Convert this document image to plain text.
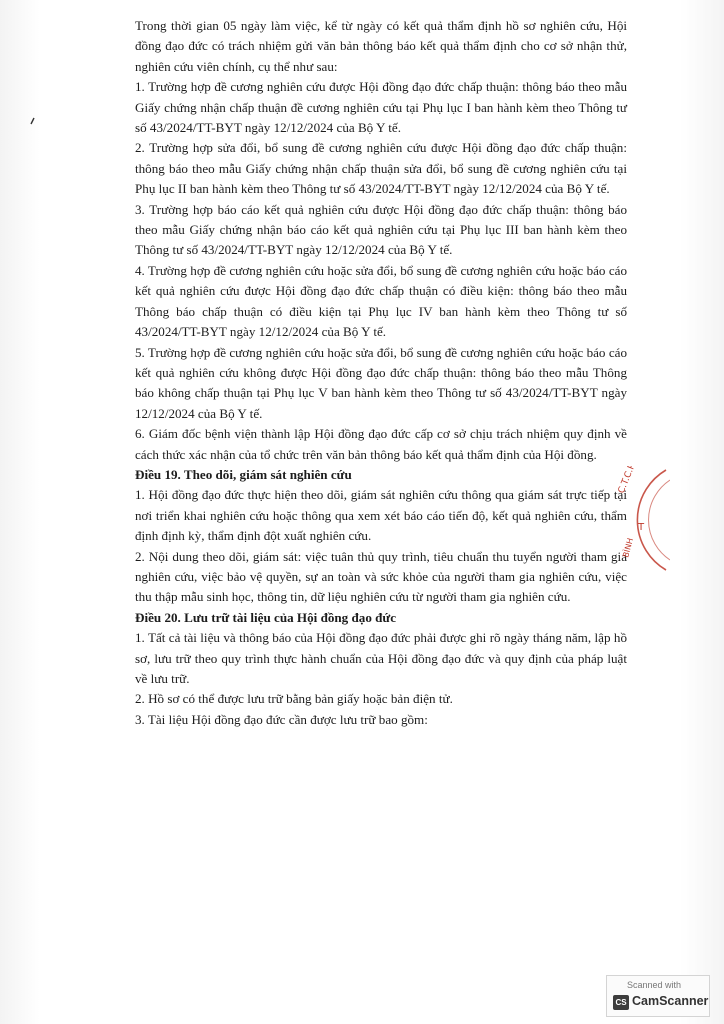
Trong thời gian 05 ngày làm việc, kể từ ngày có kết quả thẩm định hồ sơ nghiên cứu, Hội đồng đạo đức có trách nhiệm gửi văn bản thông báo kết quả thẩm định cho cơ sở nhận thử, nghiên cứu viên chính, cụ thể như sau:

1. Trường hợp đề cương nghiên cứu được Hội đồng đạo đức chấp thuận: thông báo theo mẫu Giấy chứng nhận chấp thuận đề cương nghiên cứu tại Phụ lục I ban hành kèm theo Thông tư số 43/2024/TT-BYT ngày 12/12/2024 của Bộ Y tế.

2. Trường hợp sửa đổi, bổ sung đề cương nghiên cứu được Hội đồng đạo đức chấp thuận: thông báo theo mẫu Giấy chứng nhận chấp thuận sửa đổi, bổ sung đề cương nghiên cứu tại Phụ lục II ban hành kèm theo Thông tư số 43/2024/TT-BYT ngày 12/12/2024 của Bộ Y tế.

3. Trường hợp báo cáo kết quả nghiên cứu được Hội đồng đạo đức chấp thuận: thông báo theo mẫu Giấy chứng nhận báo cáo kết quả nghiên cứu tại Phụ lục III ban hành kèm theo Thông tư số 43/2024/TT-BYT ngày 12/12/2024 của Bộ Y tế.

4. Trường hợp đề cương nghiên cứu hoặc sửa đổi, bổ sung đề cương nghiên cứu hoặc báo cáo kết quả nghiên cứu được Hội đồng đạo đức chấp thuận có điều kiện: thông báo theo mẫu Thông báo chấp thuận có điều kiện tại Phụ lục IV ban hành kèm theo Thông tư số 43/2024/TT-BYT ngày 12/12/2024 của Bộ Y tế.

5. Trường hợp đề cương nghiên cứu hoặc sửa đổi, bổ sung đề cương nghiên cứu hoặc báo cáo kết quả nghiên cứu không được Hội đồng đạo đức chấp thuận: thông báo theo mẫu Thông báo không chấp thuận tại Phụ lục V ban hành kèm theo Thông tư số 43/2024/TT-BYT ngày 12/12/2024 của Bộ Y tế.

6. Giám đốc bệnh viện thành lập Hội đồng đạo đức cấp cơ sở chịu trách nhiệm quy định về cách thức xác nhận của tổ chức trên văn bản thông báo kết quả thẩm định của Hội đồng.

Điều 19. Theo dõi, giám sát nghiên cứu

1. Hội đồng đạo đức thực hiện theo dõi, giám sát nghiên cứu thông qua giám sát trực tiếp tại nơi triển khai nghiên cứu hoặc thông qua xem xét báo cáo tiến độ, kết quả nghiên cứu, thẩm định định kỳ, thẩm định đột xuất nghiên cứu.

2. Nội dung theo dõi, giám sát: việc tuân thủ quy trình, tiêu chuẩn thu tuyển người tham gia nghiên cứu, việc bảo vệ quyền, sự an toàn và sức khỏe của người tham gia nghiên cứu, việc thu thập mẫu sinh học, thông tin, dữ liệu nghiên cứu từ người tham gia nghiên cứu.

Điều 20. Lưu trữ tài liệu của Hội đồng đạo đức

1. Tất cả tài liệu và thông báo của Hội đồng đạo đức phải được ghi rõ ngày tháng năm, lập hồ sơ, lưu trữ theo quy trình thực hành chuẩn của Hội đồng đạo đức và quy định của pháp luật về lưu trữ.

2. Hồ sơ có thể được lưu trữ bằng bản giấy hoặc bản điện tử.

3. Tài liệu Hội đồng đạo đức cần được lưu trữ bao gồm:

C.T.C.P
T
BÌNH
Scanned with
CS CamScanner
